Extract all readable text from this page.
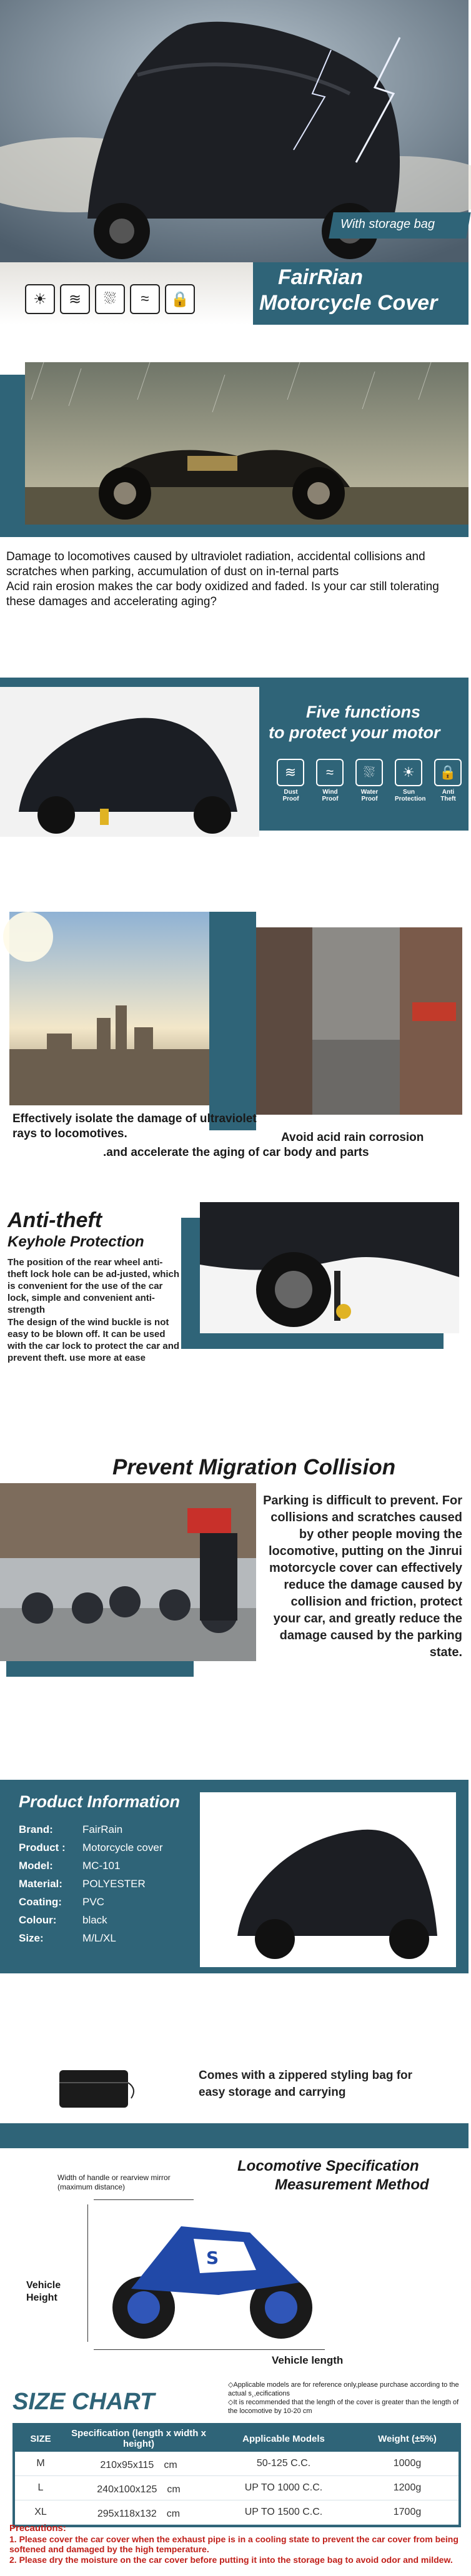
With storage bag
FairRian
Motorcycle Cover
☀	≋	⛆	≈	🔒
Damage to locomotives caused by ultraviolet radiation, accidental collisions and scratches when parking, accumulation of dust on in-ternal parts
Acid rain erosion makes the car body oxidized and faded. Is your car still tolerating these damages and accelerating aging?
Five functions
to protect your motor
≋
Dust Proof
≈
Wind Proof
⛆
Water Proof
☀
Sun Protection
🔒
Anti Theft
Effectively isolate the damage of ultraviolet rays to locomotives.	Avoid acid rain corrosion
.and accelerate the aging of car body and parts
Anti-theft
Keyhole Protection
The position of the rear wheel anti-theft lock hole can be ad-justed, which is convenient for the use of the car lock, simple and convenient anti-strength
The design of the wind buckle is not easy to be blown off. It can be used with the car lock to protect the car and prevent theft. use more at ease
Prevent Migration Collision
Parking is difficult to prevent. For collisions and scratches caused by other people moving the locomotive, putting on the Jinrui motorcycle cover can effectively reduce the damage caused by collision and friction, protect your car, and greatly reduce the damage caused by the parking state.
Product Information
Brand:	FairRain
Product :	Motorcycle cover
Model:	MC-101
Material:	POLYESTER
Coating:	PVC
Colour:	black
Size:	M/L/XL
Comes with a zippered styling bag for easy storage and carrying
Locomotive Specification
Measurement Method
Width of handle or rearview mirror (maximum distance)
Vehicle Height
S
Vehicle length
SIZE CHART
◇Applicable models are for reference only,please purchase according to the actual s¸,ecifications
◇It is recommended that the length of the cover is greater than the length of the locomotive by 10-20 cm
SIZE	Specification (length x width x height)	Applicable Models	Weight (±5%)
M	210x95x115　cm	50-125 C.C.	1000g
L	240x100x125　cm	UP TO 1000 C.C.	1200g
XL	295x118x132　cm	UP TO 1500 C.C.	1700g
Precautions:
1. Please cover the car cover when the exhaust pipe is in a cooling state to prevent the car cover from being softened and damaged by the high temperature.
2. Please dry the moisture on the car cover before putting it into the storage bag to avoid odor and mildew.
